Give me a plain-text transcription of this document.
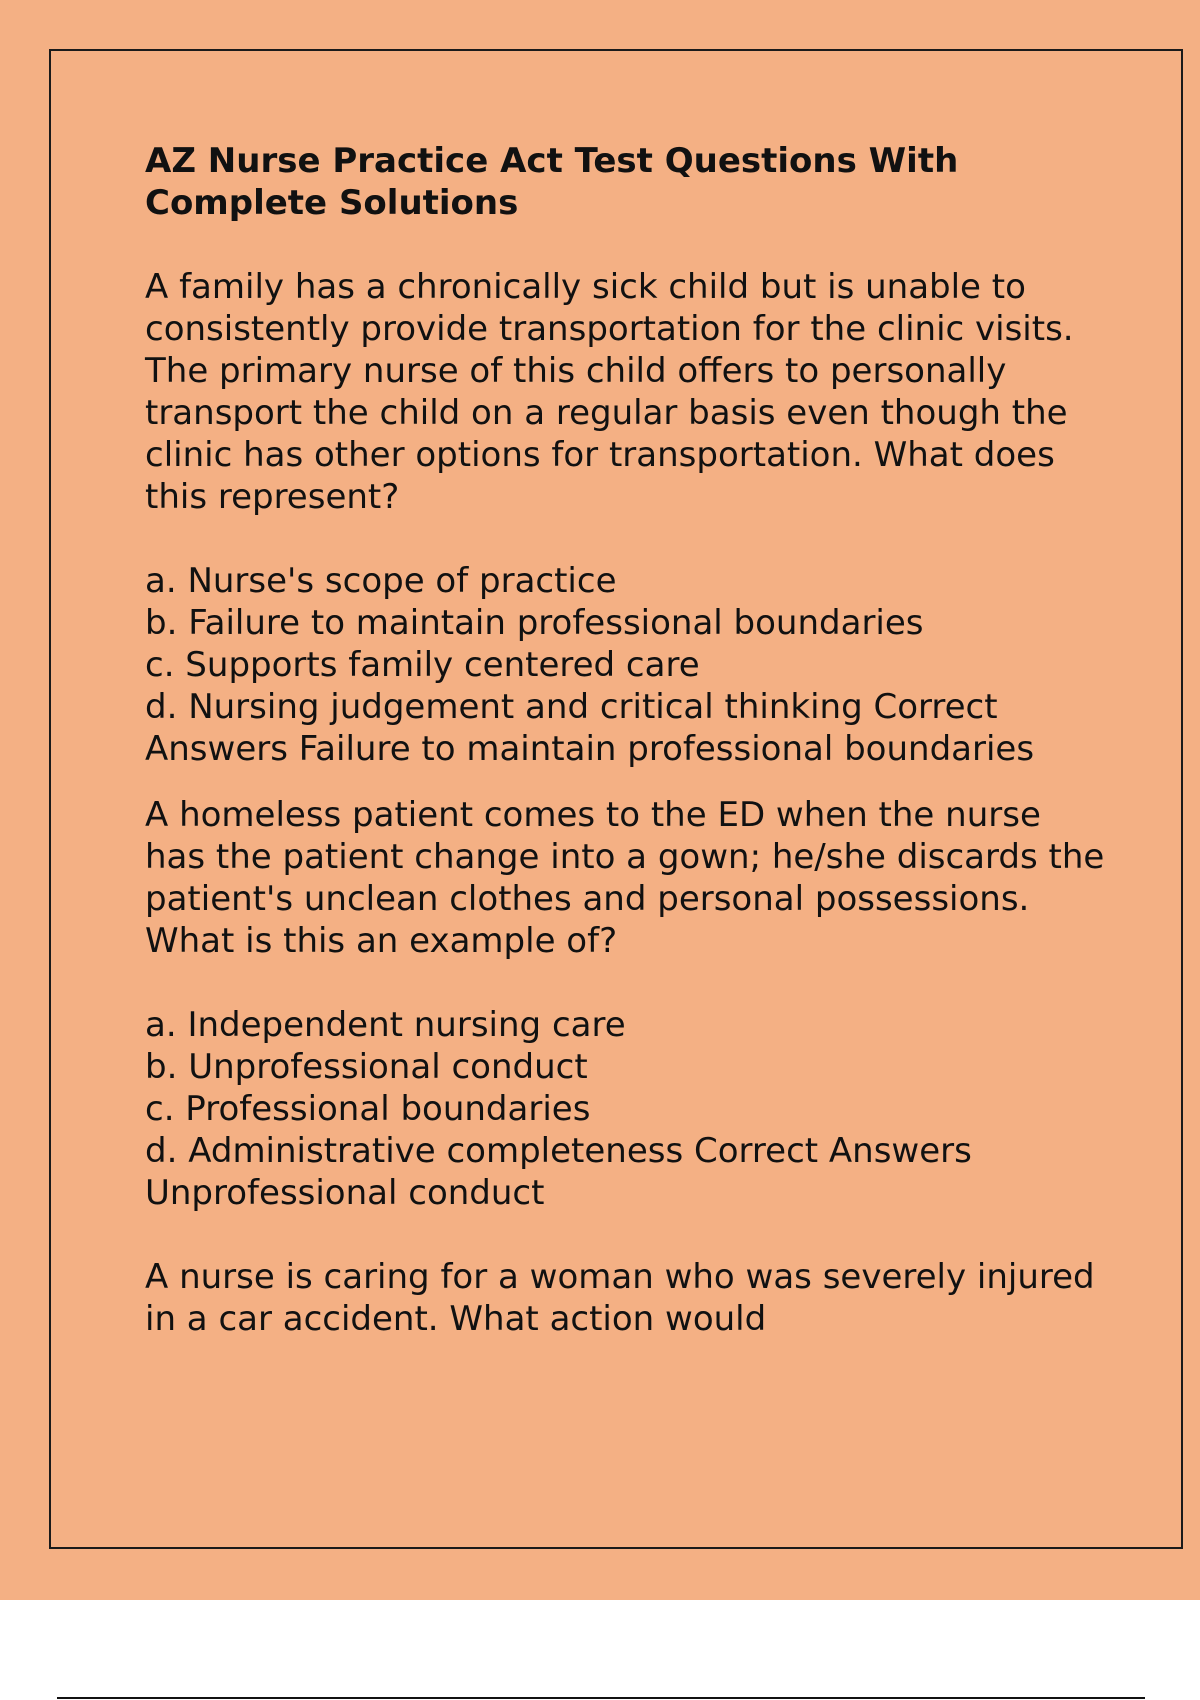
AZ Nurse Practice Act Test Questions With Complete Solutions
A family has a chronically sick child but is unable to consistently provide transportation for the clinic visits. The primary nurse of this child offers to personally transport the child on a regular basis even though the clinic has other options for transportation. What does this represent?
a. Nurse's scope of practice
b. Failure to maintain professional boundaries
c. Supports family centered care
d. Nursing judgement and critical thinking Correct Answers Failure to maintain professional boundaries
A homeless patient comes to the ED when the nurse has the patient change into a gown; he/she discards the patient's unclean clothes and personal possessions. What is this an example of?
a. Independent nursing care
b. Unprofessional conduct
c. Professional boundaries
d. Administrative completeness Correct Answers Unprofessional conduct
A nurse is caring for a woman who was severely injured in a car accident. What action would
